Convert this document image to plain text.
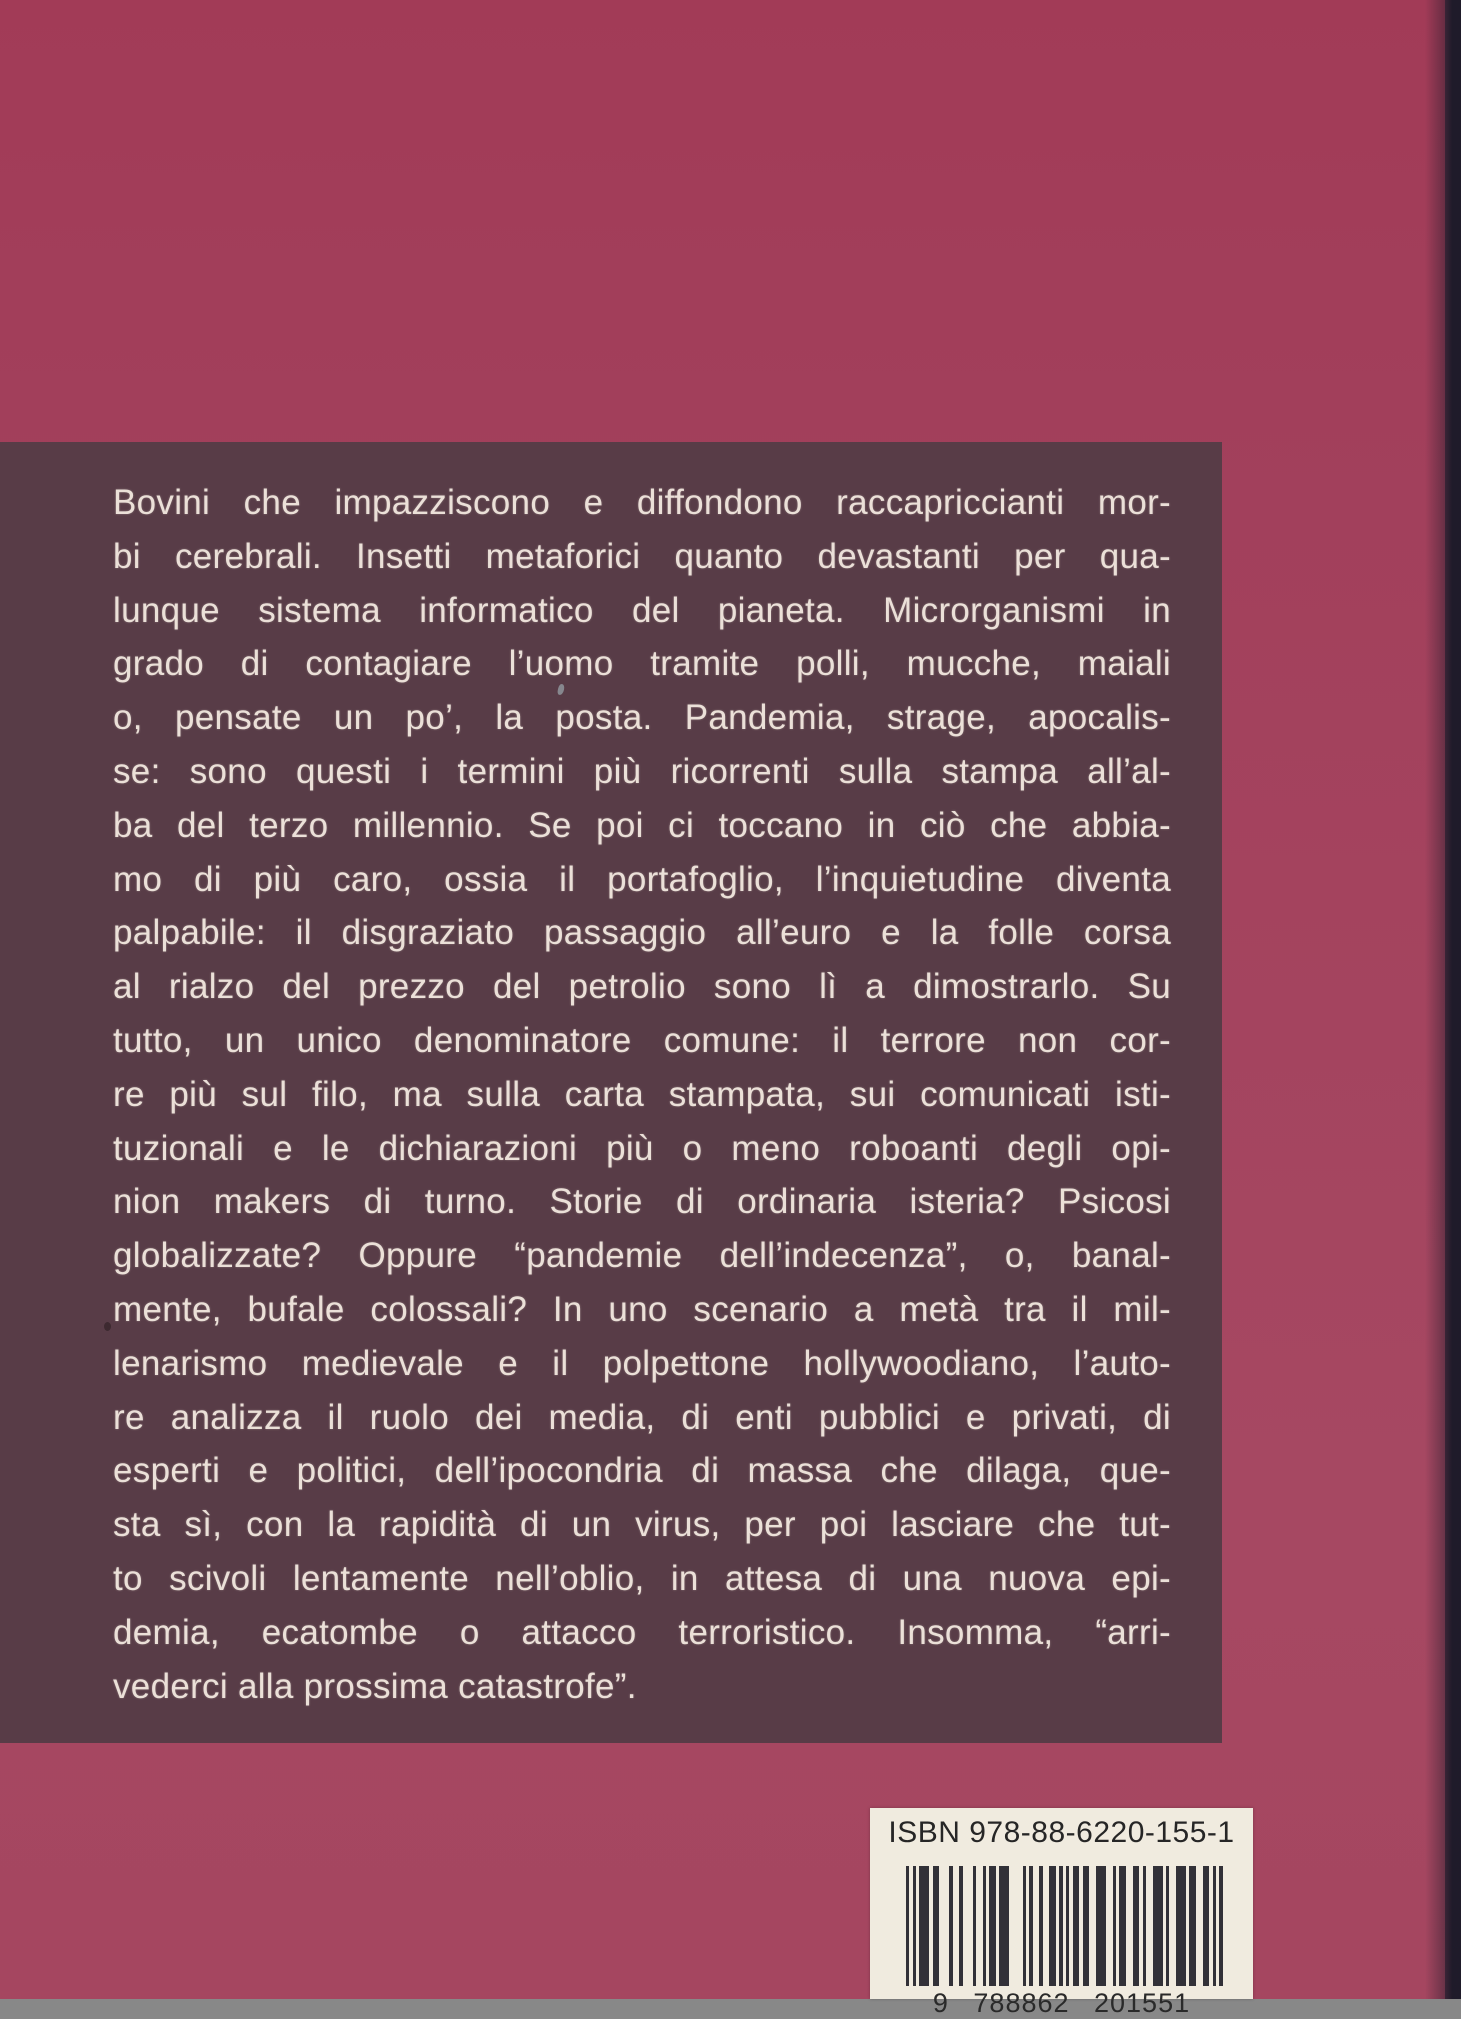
Bovini che impazziscono e diffondono raccapriccianti mor-
bi cerebrali. Insetti metaforici quanto devastanti per qua-
lunque sistema informatico del pianeta. Microrganismi in
grado di contagiare l’uomo tramite polli, mucche, maiali
o, pensate un po’, la posta. Pandemia, strage, apocalis-
se: sono questi i termini più ricorrenti sulla stampa all’al-
ba del terzo millennio. Se poi ci toccano in ciò che abbia-
mo di più caro, ossia il portafoglio, l’inquietudine diventa
palpabile: il disgraziato passaggio all’euro e la folle corsa
al rialzo del prezzo del petrolio sono lì a dimostrarlo. Su
tutto, un unico denominatore comune: il terrore non cor-
re più sul filo, ma sulla carta stampata, sui comunicati isti-
tuzionali e le dichiarazioni più o meno roboanti degli opi-
nion makers di turno. Storie di ordinaria isteria? Psicosi
globalizzate? Oppure “pandemie dell’indecenza”, o, banal-
mente, bufale colossali? In uno scenario a metà tra il mil-
lenarismo medievale e il polpettone hollywoodiano, l’auto-
re analizza il ruolo dei media, di enti pubblici e privati, di
esperti e politici, dell’ipocondria di massa che dilaga, que-
sta sì, con la rapidità di un virus, per poi lasciare che tut-
to scivoli lentamente nell’oblio, in attesa di una nuova epi-
demia, ecatombe o attacco terroristico. Insomma, “arri-
vederci alla prossima catastrofe”.
ISBN 978-88-6220-155-1
9 788862 201551
